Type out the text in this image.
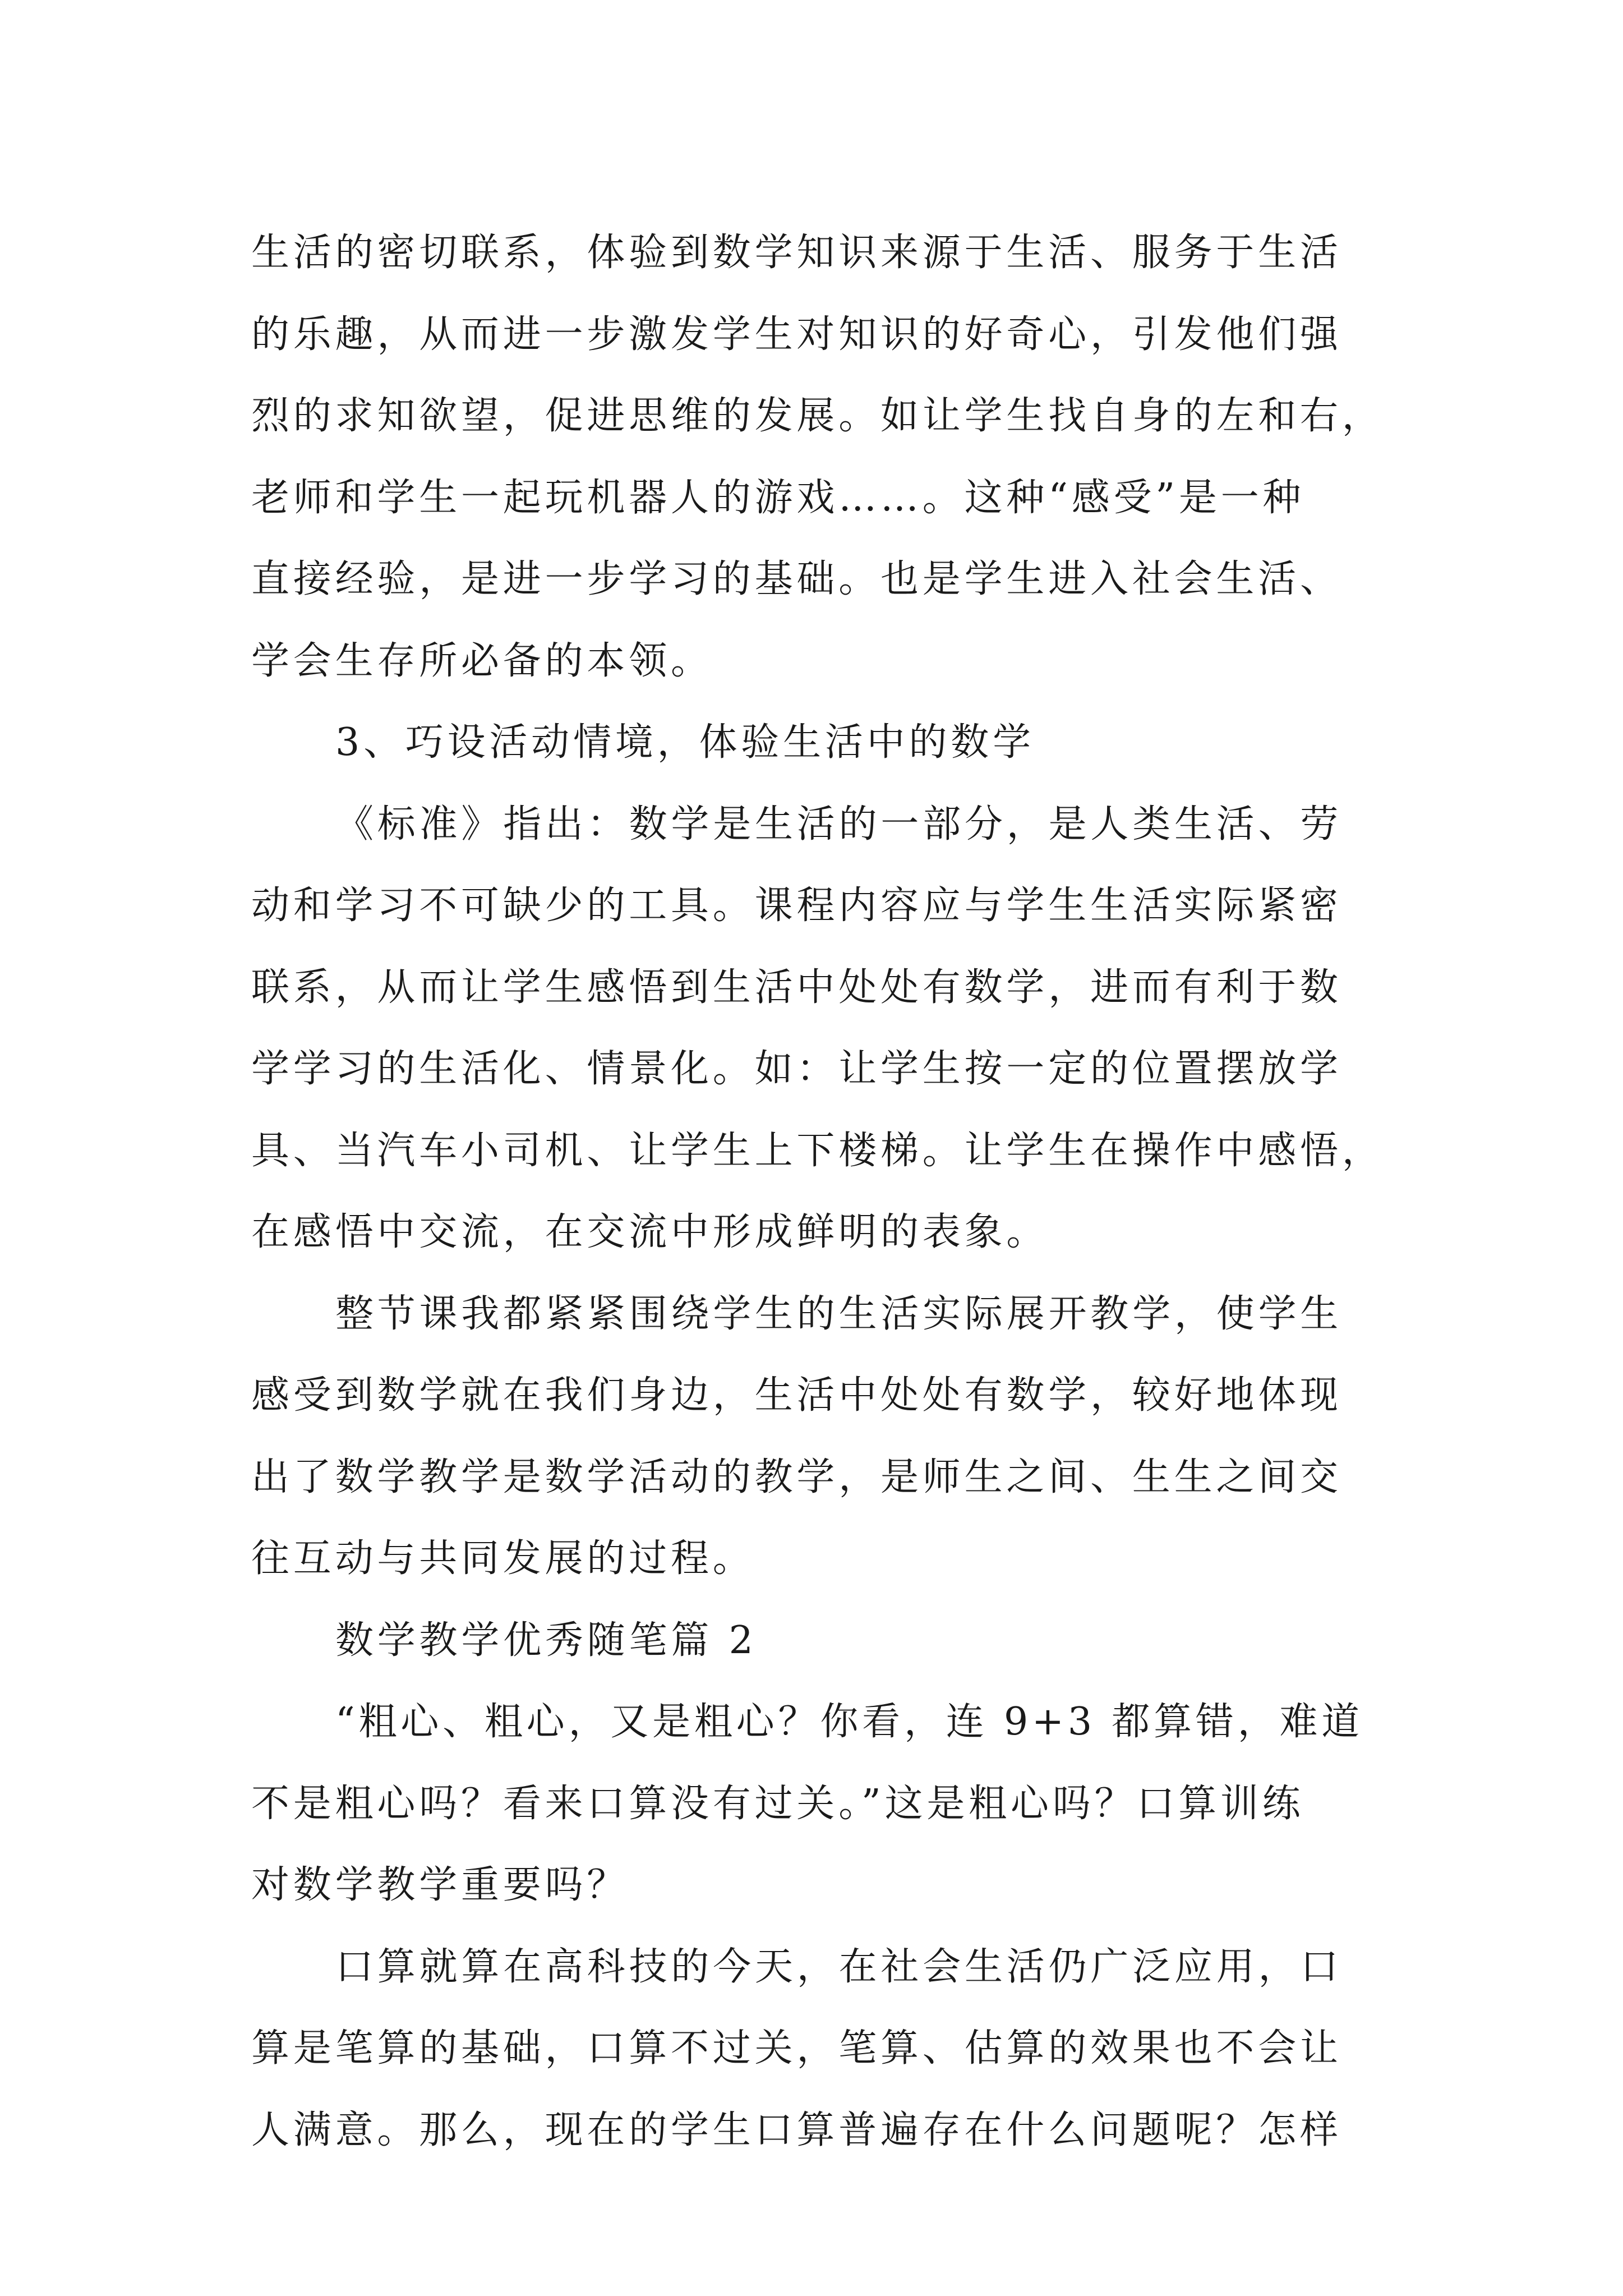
生活的密切联系，体验到数学知识来源于生活、服务于生活
的乐趣，从而进一步激发学生对知识的好奇心，引发他们强
烈的求知欲望，促进思维的发展。如让学生找自身的左和右，
老师和学生一起玩机器人的游戏……。这种“感受”是一种
直接经验，是进一步学习的基础。也是学生进入社会生活、
学会生存所必备的本领。
3、巧设活动情境，体验生活中的数学
《标准》指出：数学是生活的一部分，是人类生活、劳
动和学习不可缺少的工具。课程内容应与学生生活实际紧密
联系，从而让学生感悟到生活中处处有数学，进而有利于数
学学习的生活化、情景化。如：让学生按一定的位置摆放学
具、当汽车小司机、让学生上下楼梯。让学生在操作中感悟，
在感悟中交流，在交流中形成鲜明的表象。
整节课我都紧紧围绕学生的生活实际展开教学，使学生
感受到数学就在我们身边，生活中处处有数学，较好地体现
出了数学教学是数学活动的教学，是师生之间、生生之间交
往互动与共同发展的过程。
数学教学优秀随笔篇 2
“粗心、粗心，又是粗心？你看，连 9+3 都算错，难道
不是粗心吗？看来口算没有过关。”这是粗心吗？口算训练
对数学教学重要吗？
口算就算在高科技的今天，在社会生活仍广泛应用，口
算是笔算的基础，口算不过关，笔算、估算的效果也不会让
人满意。那么，现在的学生口算普遍存在什么问题呢？怎样
